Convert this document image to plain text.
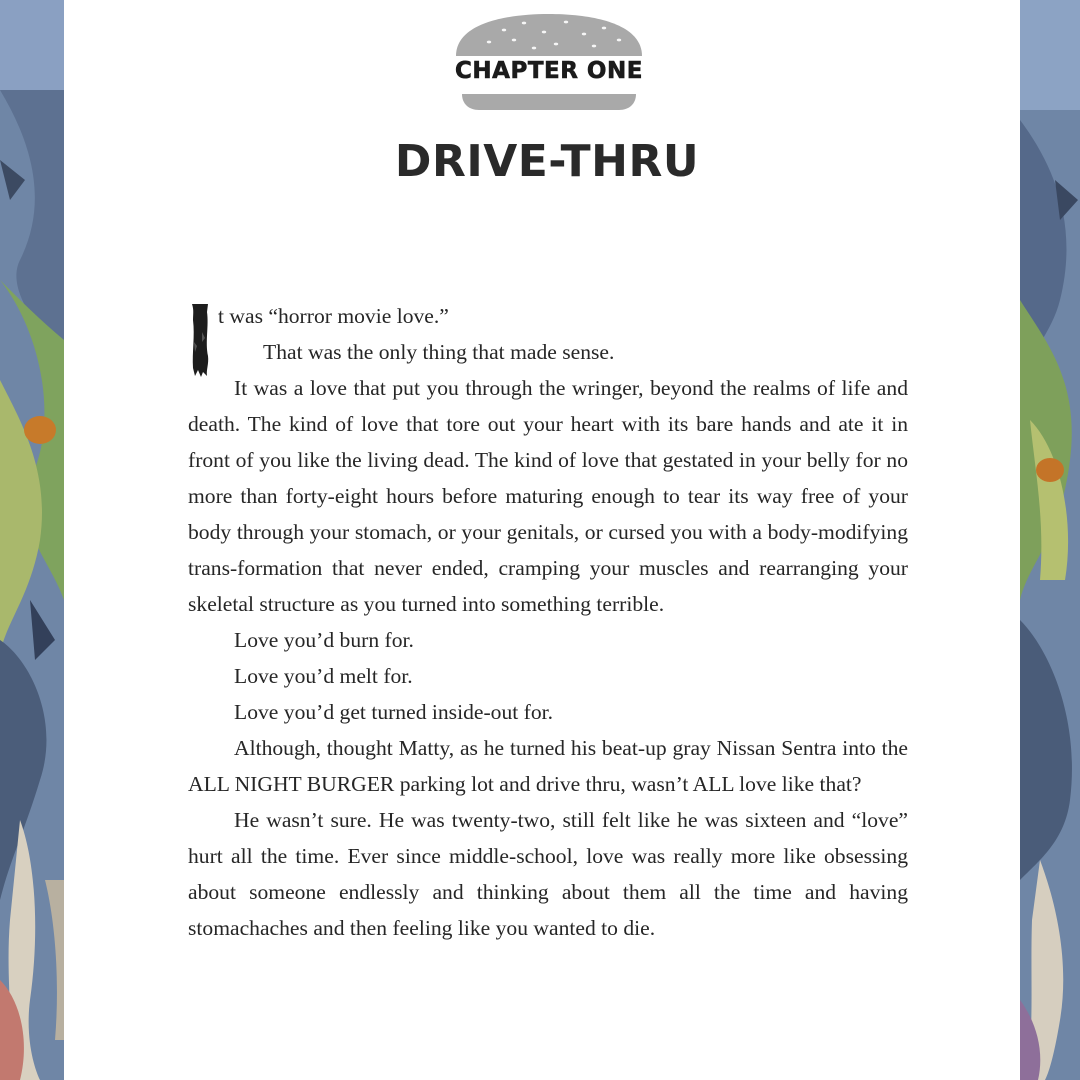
CHAPTER ONE
DRIVE-THRU
I

t was “horror movie love.”

That was the only thing that made sense.

It was a love that put you through the wringer, beyond the realms of life and death. The kind of love that tore out your heart with its bare hands and ate it in front of you like the living dead. The kind of love that gestated in your belly for no more than forty-eight hours before maturing enough to tear its way free of your body through your stomach, or your genitals, or cursed you with a body-modifying trans-formation that never ended, cramping your muscles and rearranging your skeletal structure as you turned into something terrible.

Love you’d burn for.

Love you’d melt for.

Love you’d get turned inside-out for.

Although, thought Matty, as he turned his beat-up gray Nissan Sentra into the ALL NIGHT BURGER parking lot and drive thru, wasn’t ALL love like that?

He wasn’t sure. He was twenty-two, still felt like he was sixteen and “love” hurt all the time. Ever since middle-school, love was really more like obsessing about someone endlessly and thinking about them all the time and having stomachaches and then feeling like you wanted to die.
